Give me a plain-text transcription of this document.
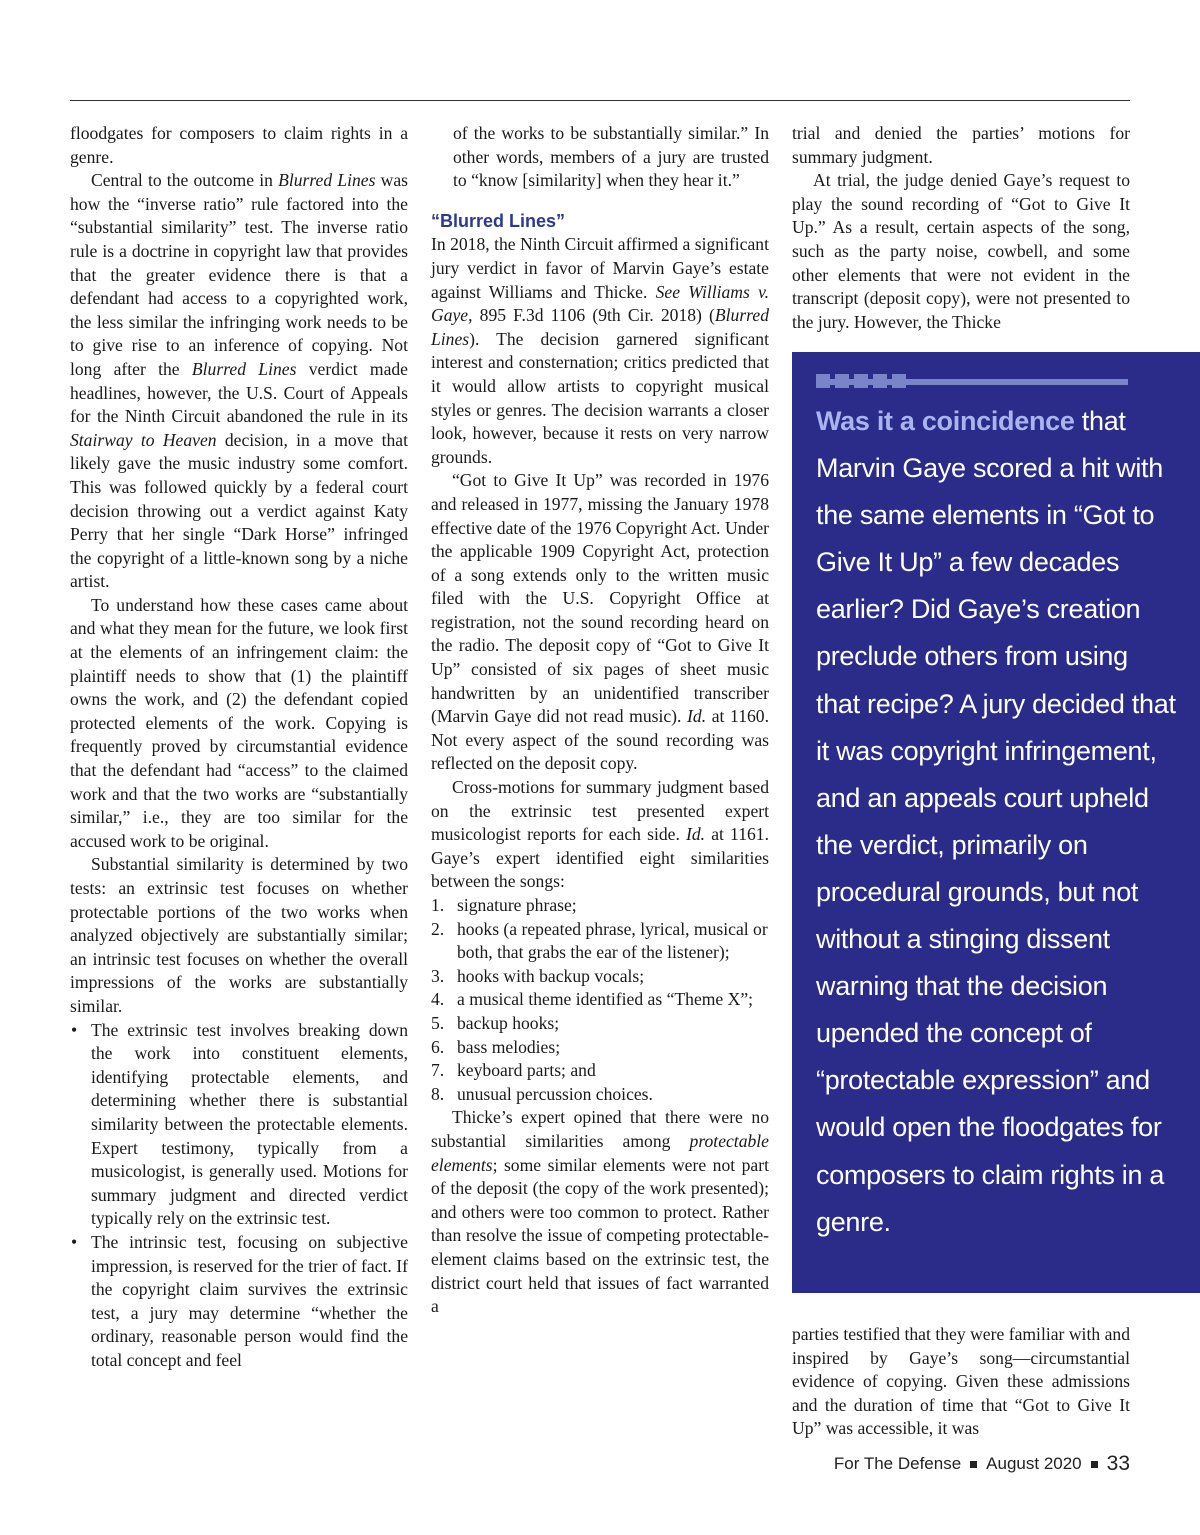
floodgates for composers to claim rights in a genre.

Central to the outcome in Blurred Lines was how the “inverse ratio” rule factored into the “substantial similarity” test. The inverse ratio rule is a doctrine in copyright law that provides that the greater evidence there is that a defendant had access to a copyrighted work, the less similar the infringing work needs to be to give rise to an inference of copying. Not long after the Blurred Lines verdict made headlines, however, the U.S. Court of Appeals for the Ninth Circuit abandoned the rule in its Stairway to Heaven decision, in a move that likely gave the music industry some comfort. This was followed quickly by a federal court decision throwing out a verdict against Katy Perry that her single “Dark Horse” infringed the copyright of a little-known song by a niche artist.

To understand how these cases came about and what they mean for the future, we look first at the elements of an infringement claim: the plaintiff needs to show that (1) the plaintiff owns the work, and (2) the defendant copied protected elements of the work. Copying is frequently proved by circumstantial evidence that the defendant had “access” to the claimed work and that the two works are “substantially similar,” i.e., they are too similar for the accused work to be original.

Substantial similarity is determined by two tests: an extrinsic test focuses on whether protectable portions of the two works when analyzed objectively are substantially similar; an intrinsic test focuses on whether the overall impressions of the works are substantially similar.

• The extrinsic test involves breaking down the work into constituent elements, identifying protectable elements, and determining whether there is substantial similarity between the protectable elements. Expert testimony, typically from a musicologist, is generally used. Motions for summary judgment and directed verdict typically rely on the extrinsic test.
• The intrinsic test, focusing on subjective impression, is reserved for the trier of fact. If the copyright claim survives the extrinsic test, a jury may determine “whether the ordinary, reasonable person would find the total concept and feel

of the works to be substantially similar.” In other words, members of a jury are trusted to “know [similarity] when they hear it.”

“Blurred Lines”

In 2018, the Ninth Circuit affirmed a significant jury verdict in favor of Marvin Gaye’s estate against Williams and Thicke. See Williams v. Gaye, 895 F.3d 1106 (9th Cir. 2018) (Blurred Lines). The decision garnered significant interest and consternation; critics predicted that it would allow artists to copyright musical styles or genres. The decision warrants a closer look, however, because it rests on very narrow grounds.

“Got to Give It Up” was recorded in 1976 and released in 1977, missing the January 1978 effective date of the 1976 Copyright Act. Under the applicable 1909 Copyright Act, protection of a song extends only to the written music filed with the U.S. Copyright Office at registration, not the sound recording heard on the radio. The deposit copy of “Got to Give It Up” consisted of six pages of sheet music handwritten by an unidentified transcriber (Marvin Gaye did not read music). Id. at 1160. Not every aspect of the sound recording was reflected on the deposit copy.

Cross-motions for summary judgment based on the extrinsic test presented expert musicologist reports for each side. Id. at 1161. Gaye’s expert identified eight similarities between the songs:

1. signature phrase;
2. hooks (a repeated phrase, lyrical, musical or both, that grabs the ear of the listener);
3. hooks with backup vocals;
4. a musical theme identified as “Theme X”;
5. backup hooks;
6. bass melodies;
7. keyboard parts; and
8. unusual percussion choices.

Thicke’s expert opined that there were no substantial similarities among protectable elements; some similar elements were not part of the deposit (the copy of the work presented); and others were too common to protect. Rather than resolve the issue of competing protectable-element claims based on the extrinsic test, the district court held that issues of fact warranted a

trial and denied the parties’ motions for summary judgment.

At trial, the judge denied Gaye’s request to play the sound recording of “Got to Give It Up.” As a result, certain aspects of the song, such as the party noise, cowbell, and some other elements that were not evident in the transcript (deposit copy), were not presented to the jury. However, the Thicke

Was it a coincidence that Marvin Gaye scored a hit with the same elements in “Got to Give It Up” a few decades earlier? Did Gaye’s creation preclude others from using that recipe? A jury decided that it was copyright infringement, and an appeals court upheld the verdict, primarily on procedural grounds, but not without a stinging dissent warning that the decision upended the concept of “protectable expression” and would open the floodgates for composers to claim rights in a genre.

parties testified that they were familiar with and inspired by Gaye’s song—circumstantial evidence of copying. Given these admissions and the duration of time that “Got to Give It Up” was accessible, it was

For The Defense August 2020 33
